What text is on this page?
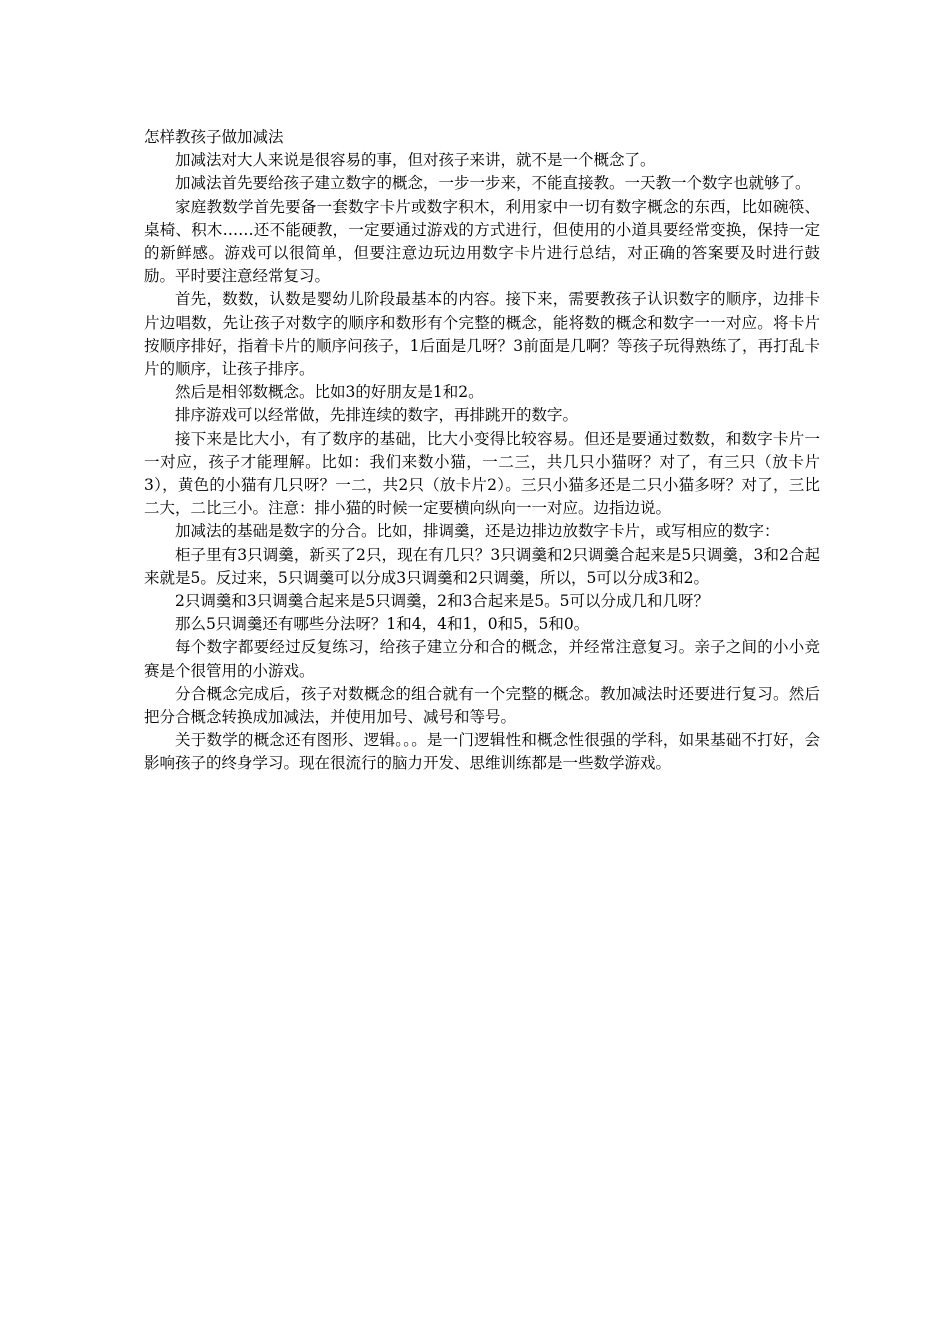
怎样教孩子做加减法

加减法对大人来说是很容易的事，但对孩子来讲，就不是一个概念了。

加减法首先要给孩子建立数字的概念，一步一步来，不能直接教。一天教一个数字也就够了。

家庭教数学首先要备一套数字卡片或数字积木，利用家中一切有数字概念的东西，比如碗筷、桌椅、积木……还不能硬教，一定要通过游戏的方式进行，但使用的小道具要经常变换，保持一定的新鲜感。游戏可以很简单，但要注意边玩边用数字卡片进行总结，对正确的答案要及时进行鼓励。平时要注意经常复习。

首先，数数，认数是婴幼儿阶段最基本的内容。接下来，需要教孩子认识数字的顺序，边排卡片边唱数，先让孩子对数字的顺序和数形有个完整的概念，能将数的概念和数字一一对应。将卡片按顺序排好，指着卡片的顺序问孩子，1后面是几呀？3前面是几啊？等孩子玩得熟练了，再打乱卡片的顺序，让孩子排序。

然后是相邻数概念。比如3的好朋友是1和2。

排序游戏可以经常做，先排连续的数字，再排跳开的数字。

接下来是比大小，有了数序的基础，比大小变得比较容易。但还是要通过数数，和数字卡片一一对应，孩子才能理解。比如：我们来数小猫，一二三，共几只小猫呀？对了，有三只（放卡片3），黄色的小猫有几只呀？一二，共2只（放卡片2）。三只小猫多还是二只小猫多呀？对了，三比二大，二比三小。注意：排小猫的时候一定要横向纵向一一对应。边指边说。

加减法的基础是数字的分合。比如，排调羹，还是边排边放数字卡片，或写相应的数字：

柜子里有3只调羹，新买了2只，现在有几只？3只调羹和2只调羹合起来是5只调羹，3和2合起来就是5。反过来，5只调羹可以分成3只调羹和2只调羹，所以，5可以分成3和2。

2只调羹和3只调羹合起来是5只调羹，2和3合起来是5。5可以分成几和几呀？

那么5只调羹还有哪些分法呀？1和4，4和1，0和5，5和0。

每个数字都要经过反复练习，给孩子建立分和合的概念，并经常注意复习。亲子之间的小小竞赛是个很管用的小游戏。

分合概念完成后，孩子对数概念的组合就有一个完整的概念。教加减法时还要进行复习。然后把分合概念转换成加减法，并使用加号、减号和等号。

关于数学的概念还有图形、逻辑。。。是一门逻辑性和概念性很强的学科，如果基础不打好，会影响孩子的终身学习。现在很流行的脑力开发、思维训练都是一些数学游戏。
